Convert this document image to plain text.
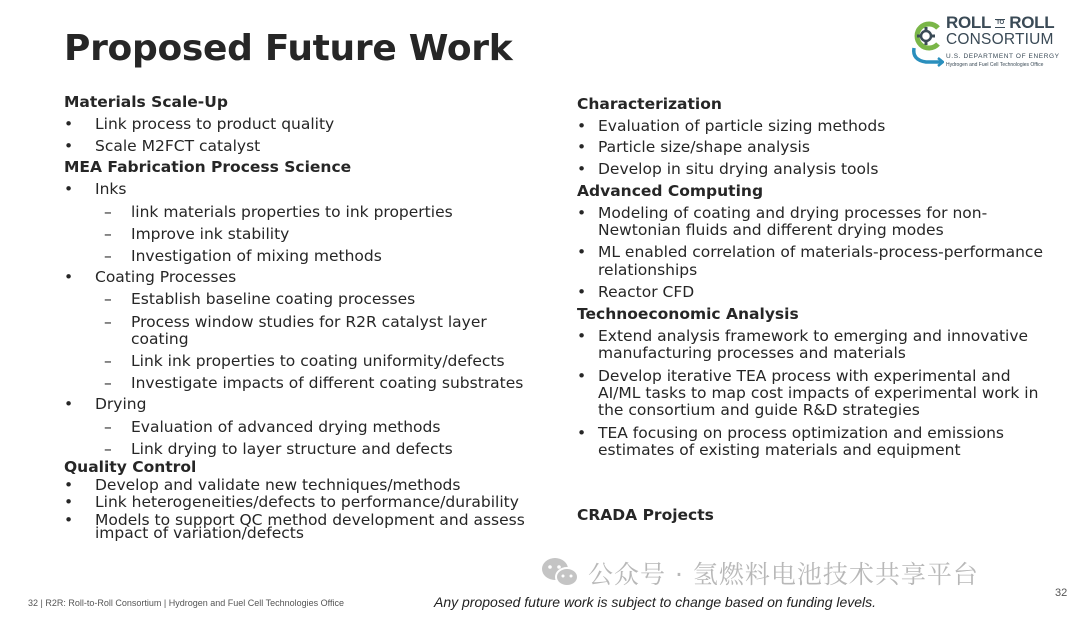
Proposed Future Work
ROLL TO ROLL
CONSORTIUM
U.S. DEPARTMENT OF ENERGY
Hydrogen and Fuel Cell Technologies Office
Materials Scale-Up
• Link process to product quality
• Scale M2FCT catalyst
MEA Fabrication Process Science
• Inks
– link materials properties to ink properties
– Improve ink stability
– Investigation of mixing methods
• Coating Processes
– Establish baseline coating processes
– Process window studies for R2R catalyst layer
coating
– Link ink properties to coating uniformity/defects
– Investigate impacts of different coating substrates
• Drying
– Evaluation of advanced drying methods
– Link drying to layer structure and defects
Quality Control
• Develop and validate new techniques/methods
• Link heterogeneities/defects to performance/durability
• Models to support QC method development and assess
impact of variation/defects
Characterization
• Evaluation of particle sizing methods
• Particle size/shape analysis
• Develop in situ drying analysis tools
Advanced Computing
• Modeling of coating and drying processes for non-
Newtonian fluids and different drying modes
• ML enabled correlation of materials-process-performance
relationships
• Reactor CFD
Technoeconomic Analysis
• Extend analysis framework to emerging and innovative
manufacturing processes and materials
• Develop iterative TEA process with experimental and
AI/ML tasks to map cost impacts of experimental work in
the consortium and guide R&D strategies
• TEA focusing on process optimization and emissions
estimates of existing materials and equipment
CRADA Projects
公众号 · 氢燃料电池技术共享平台
32 | R2R: Roll-to-Roll Consortium | Hydrogen and Fuel Cell Technologies Office	Any proposed future work is subject to change based on funding levels.
32
